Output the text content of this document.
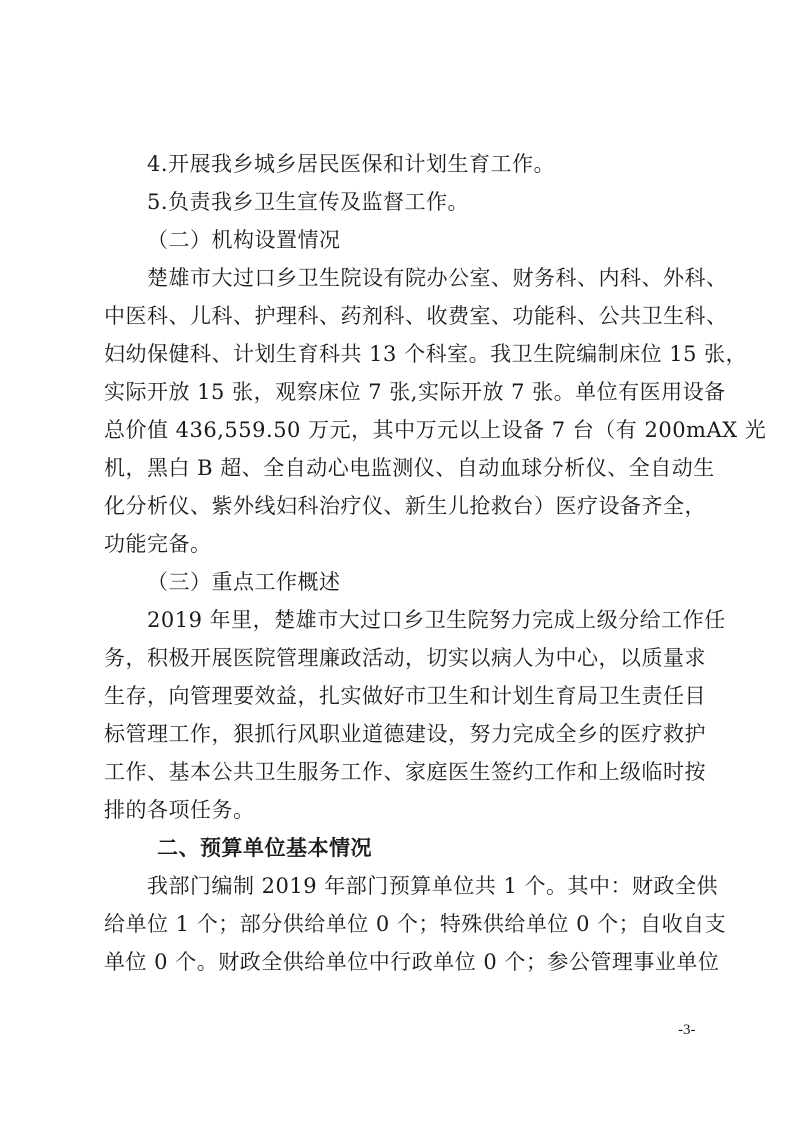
4.开展我乡城乡居民医保和计划生育工作。
5.负责我乡卫生宣传及监督工作。
（二）机构设置情况
楚雄市大过口乡卫生院设有院办公室、财务科、内科、外科、
中医科、儿科、护理科、药剂科、收费室、功能科、公共卫生科、
妇幼保健科、计划生育科共 13 个科室。我卫生院编制床位 15 张，
实际开放 15 张，观察床位 7 张,实际开放 7 张。单位有医用设备
总价值 436,559.50 万元，其中万元以上设备 7 台（有 200mAX 光
机，黑白 B 超、全自动心电监测仪、自动血球分析仪、全自动生
化分析仪、紫外线妇科治疗仪、新生儿抢救台）医疗设备齐全，
功能完备。
（三）重点工作概述
2019 年里，楚雄市大过口乡卫生院努力完成上级分给工作任
务，积极开展医院管理廉政活动，切实以病人为中心，以质量求
生存，向管理要效益，扎实做好市卫生和计划生育局卫生责任目
标管理工作，狠抓行风职业道德建设，努力完成全乡的医疗救护
工作、基本公共卫生服务工作、家庭医生签约工作和上级临时按
排的各项任务。
二、预算单位基本情况
我部门编制 2019 年部门预算单位共 1 个。其中：财政全供
给单位 1 个；部分供给单位 0 个；特殊供给单位 0 个；自收自支
单位 0 个。财政全供给单位中行政单位 0 个；参公管理事业单位
-3-
